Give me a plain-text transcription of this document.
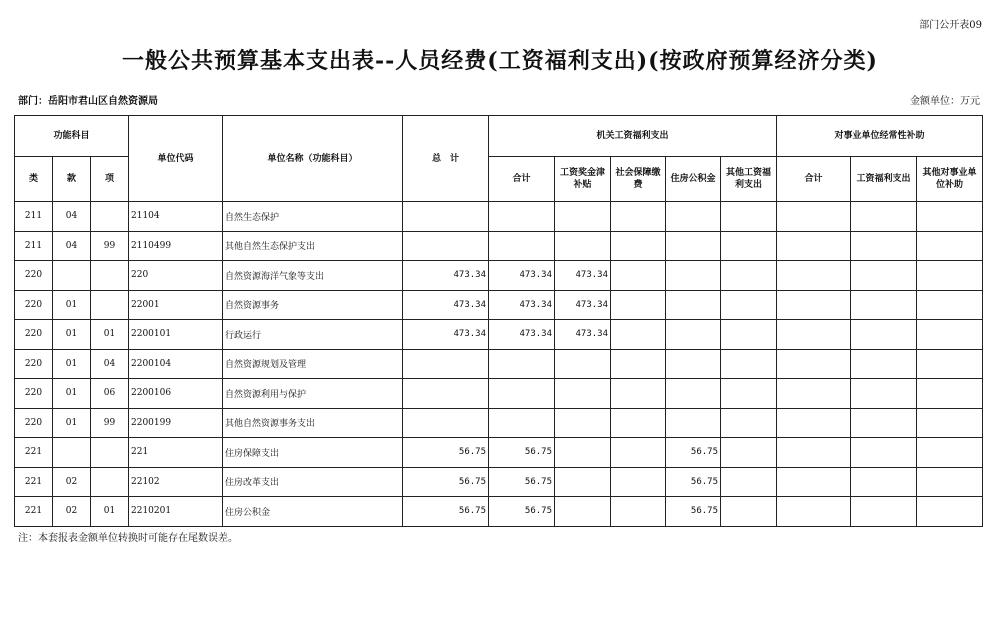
部门公开表09
一般公共预算基本支出表--人员经费(工资福利支出)(按政府预算经济分类)
部门：岳阳市君山区自然资源局	金额单位：万元
功能科目			单位代码	单位名称（功能科目）	总　计	机关工资福利支出					对事业单位经常性补助		
类	款	项				合计	工资奖金津补贴	社会保障缴费	住房公积金	其他工资福利支出	合计	工资福利支出	其他对事业单位补助
211	04		21104	自然生态保护									
211	04	99	2110499	其他自然生态保护支出									
220			220	自然资源海洋气象等支出	473.34	473.34	473.34						
220	01		22001	自然资源事务	473.34	473.34	473.34						
220	01	01	2200101	行政运行	473.34	473.34	473.34						
220	01	04	2200104	自然资源规划及管理									
220	01	06	2200106	自然资源利用与保护									
220	01	99	2200199	其他自然资源事务支出									
221			221	住房保障支出	56.75	56.75			56.75				
221	02		22102	住房改革支出	56.75	56.75			56.75				
221	02	01	2210201	住房公积金	56.75	56.75			56.75				
注：本套报表金额单位转换时可能存在尾数误差。
